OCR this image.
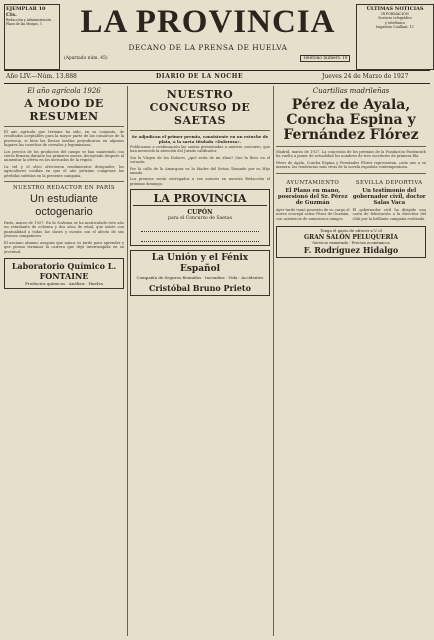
EJEMPLAR 10 Cts.
Redacción y Administración
Plaza de las Monjas, 1	LA PROVINCIA
DECANO DE LA PRENSA DE HUELVA
(Apartado núm. 45)	Teléfono número 10
ÚLTIMAS NOTICIAS
INFORMACIÓN
Servicio telegráfico
y telefónico
Imprenta Coullaut, 11
Año LIV.—Núm. 13.888	DIARIO DE LA NOCHE	Jueves 24 de Marzo de 1927
El año agrícola 1926
A MODO DE RESUMEN

El año agrícola que termina ha sido, en su conjunto, de resultados aceptables para la mayor parte de las comarcas de la provincia, si bien las lluvias tardías perjudicaron en algunos lugares las cosechas de cereales y leguminosas.

Los precios de los productos del campo se han mantenido con cierta firmeza durante los primeros meses, decayendo después al aumentar la oferta en los mercados de la región.

La vid y el olivo ofrecieron rendimientos desiguales; los agricultores confían en que el año próximo compense las pérdidas sufridas en la presente campaña.

NUESTRO REDACTOR EN PARÍS
Un estudiante octogenario

París, marzo de 1927. En la Sorbona se ha matriculado este año un estudiante de ochenta y dos años de edad, que asiste con puntualidad a todas las clases y cuenta con el afecto de sus jóvenes compañeros.

El anciano alumno asegura que nunca es tarde para aprender y que piensa terminar la carrera que dejó interrumpida en su juventud.

Laboratorio Químico L. FONTAINE
Productos químicos · Análisis · Huelva
NUESTRO CONCURSO DE SAETAS

Se adjudican el primer premio, consistente en un estuche de plata, a la saeta titulada «Dolorosa».

Publicamos a continuación las saetas presentadas a nuestro concurso, que han merecido la atención del Jurado calificador.

Sin la Virgen de los Dolores, ¿qué sería de mi alma? Que la llevo en el corazón.

Por la calle de la Amargura va la Madre del Señor, llorando por su Hijo amado.

Los premios serán entregados a sus autores en nuestra Redacción el próximo domingo.

LA PROVINCIA
CUPÓN
para el Concurso de Saetas
La Unión y el Fénix Español
Compañía de Seguros Reunidos · Incendios · Vida · Accidentes
Cristóbal Bruno Prieto
Cuartillas madrileñas
Pérez de Ayala, Concha Espina y Fernández Flórez

Madrid, marzo de 1927. La concesión de los premios de la Fundación Fastenrath ha vuelto a poner de actualidad los nombres de tres escritores de primera fila.

Pérez de Ayala, Concha Espina y Fernández Flórez representan, cada uno a su manera, las tendencias más vivas de la novela española contemporánea.

AYUNTAMIENTO
El Plano en mano, posesionó del Sr. Pérez de Guzmán

Ayer tarde tomó posesión de su cargo el nuevo concejal señor Pérez de Guzmán, con asistencia de numerosos amigos.

SEVILLA DEPORTIVA
Un testimonio del gobernador civil, doctor Salas Vaca

El gobernador civil ha dirigido una carta de felicitación a la directiva del club por la brillante campaña realizada.

Tenga el gusto de ofrecer a V. el
GRAN SALÓN PELUQUERÍA
Servicio esmerado · Precios económicos
F. Rodríguez Hidalgo
